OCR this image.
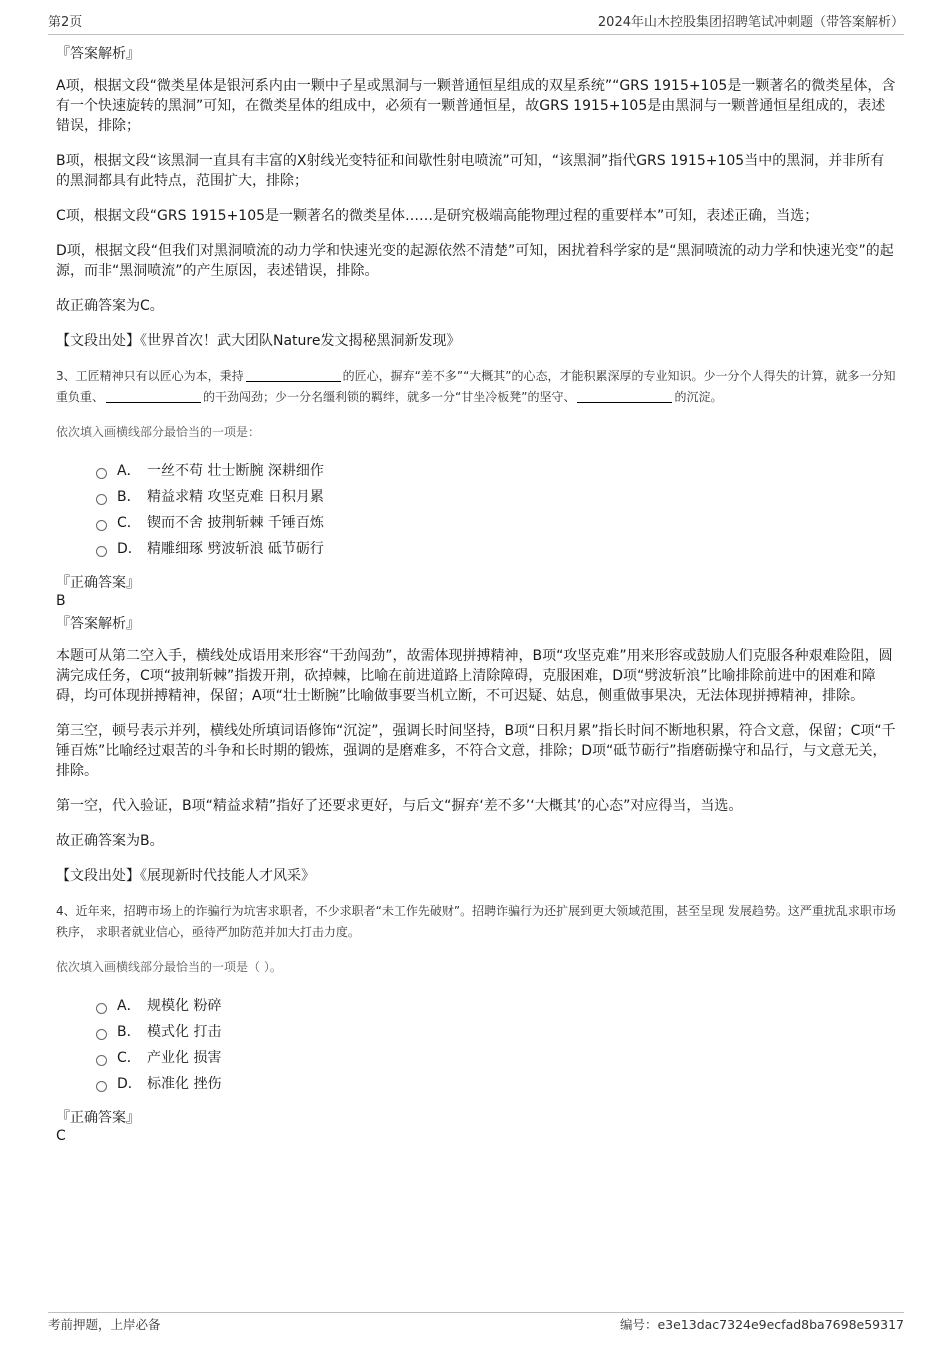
第2页	2024年山木控股集团招聘笔试冲刺题（带答案解析）

『答案解析』

A项，根据文段“微类星体是银河系内由一颗中子星或黑洞与一颗普通恒星组成的双星系统”“GRS 1915+105是一颗著名的微类星体，含有一个快速旋转的黑洞”可知，在微类星体的组成中，必须有一颗普通恒星，故GRS 1915+105是由黑洞与一颗普通恒星组成的，表述错误，排除；

B项，根据文段“该黑洞一直具有丰富的X射线光变特征和间歇性射电喷流”可知，“该黑洞”指代GRS 1915+105当中的黑洞，并非所有的黑洞都具有此特点，范围扩大，排除；

C项，根据文段“GRS 1915+105是一颗著名的微类星体……是研究极端高能物理过程的重要样本”可知，表述正确，当选；

D项，根据文段“但我们对黑洞喷流的动力学和快速光变的起源依然不清楚”可知，困扰着科学家的是“黑洞喷流的动力学和快速光变”的起源，而非“黑洞喷流”的产生原因，表述错误，排除。

故正确答案为C。

【文段出处】《世界首次！武大团队Nature发文揭秘黑洞新发现》

3、工匠精神只有以匠心为本，秉持	的匠心，摒弃“差不多”“大概其”的心态，才能积累深厚的专业知识。少一分个人得失的计算，就多一分知重负重、	的干劲闯劲；少一分名缰利锁的羁绊，就多一分“甘坐冷板凳”的坚守、	的沉淀。

依次填入画横线部分最恰当的一项是：

A． 一丝不苟 壮士断腕 深耕细作
B． 精益求精 攻坚克难 日积月累
C． 锲而不舍 披荆斩棘 千锤百炼
D． 精雕细琢 劈波斩浪 砥节砺行

『正确答案』

B

『答案解析』

本题可从第二空入手，横线处成语用来形容“干劲闯劲”，故需体现拼搏精神，B项“攻坚克难”用来形容或鼓励人们克服各种艰难险阻，圆满完成任务，C项“披荆斩棘”指拨开荆，砍掉棘，比喻在前进道路上清除障碍，克服困难，D项“劈波斩浪”比喻排除前进中的困难和障碍，均可体现拼搏精神，保留；A项“壮士断腕”比喻做事要当机立断，不可迟疑、姑息，侧重做事果决，无法体现拼搏精神，排除。

第三空，顿号表示并列，横线处所填词语修饰“沉淀”，强调长时间坚持，B项“日积月累”指长时间不断地积累，符合文意，保留；C项“千锤百炼”比喻经过艰苦的斗争和长时期的锻炼，强调的是磨难多，不符合文意，排除；D项“砥节砺行”指磨砺操守和品行，与文意无关，排除。

第一空，代入验证，B项“精益求精”指好了还要求更好，与后文“摒弃‘差不多’‘大概其’的心态”对应得当，当选。

故正确答案为B。

【文段出处】《展现新时代技能人才风采》

4、近年来，招聘市场上的诈骗行为坑害求职者，不少求职者“未工作先破财”。招聘诈骗行为还扩展到更大领域范围，甚至呈现 发展趋势。这严重扰乱求职市场秩序， 求职者就业信心，亟待严加防范并加大打击力度。

依次填入画横线部分最恰当的一项是（ ）。

A． 规模化 粉碎
B． 模式化 打击
C． 产业化 损害
D． 标准化 挫伤

『正确答案』

C

考前押题，上岸必备	编号：e3e13dac7324e9ecfad8ba7698e59317
